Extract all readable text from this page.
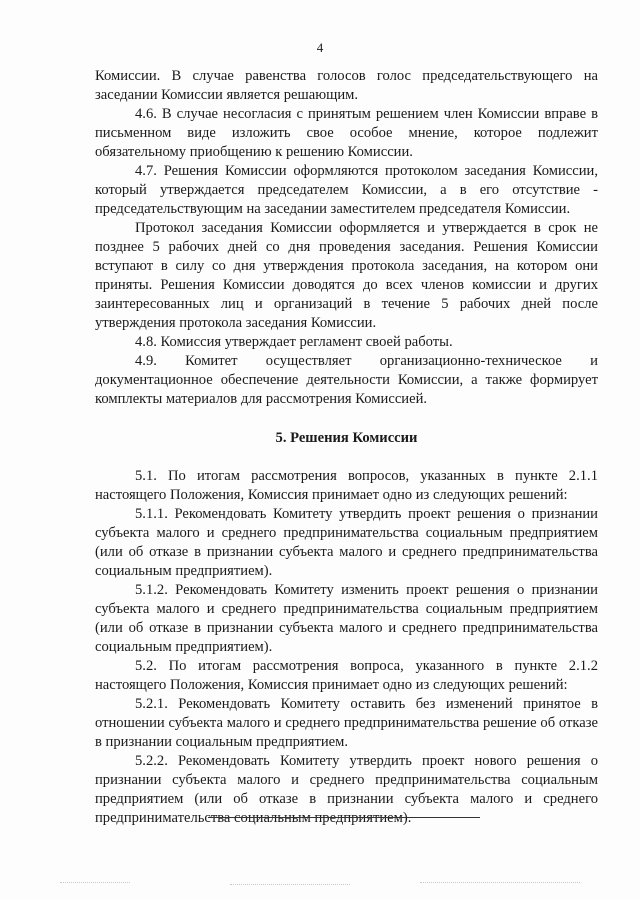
4

Комиссии. В случае равенства голосов голос председательствующего на заседании Комиссии является решающим.

4.6. В случае несогласия с принятым решением член Комиссии вправе в письменном виде изложить свое особое мнение, которое подлежит обязательному приобщению к решению Комиссии.

4.7. Решения Комиссии оформляются протоколом заседания Комиссии, который утверждается председателем Комиссии, а в его отсутствие - председательствующим на заседании заместителем председателя Комиссии.

Протокол заседания Комиссии оформляется и утверждается в срок не позднее 5 рабочих дней со дня проведения заседания. Решения Комиссии вступают в силу со дня утверждения протокола заседания, на котором они приняты. Решения Комиссии доводятся до всех членов комиссии и других заинтересованных лиц и организаций в течение 5 рабочих дней после утверждения протокола заседания Комиссии.

4.8. Комиссия утверждает регламент своей работы.

4.9. Комитет осуществляет организационно-техническое и документационное обеспечение деятельности Комиссии, а также формирует комплекты материалов для рассмотрения Комиссией.

5. Решения Комиссии

5.1. По итогам рассмотрения вопросов, указанных в пункте 2.1.1 настоящего Положения, Комиссия принимает одно из следующих решений:

5.1.1. Рекомендовать Комитету утвердить проект решения о признании субъекта малого и среднего предпринимательства социальным предприятием (или об отказе в признании субъекта малого и среднего предпринимательства социальным предприятием).

5.1.2. Рекомендовать Комитету изменить проект решения о признании субъекта малого и среднего предпринимательства социальным предприятием (или об отказе в признании субъекта малого и среднего предпринимательства социальным предприятием).

5.2. По итогам рассмотрения вопроса, указанного в пункте 2.1.2 настоящего Положения, Комиссия принимает одно из следующих решений:

5.2.1. Рекомендовать Комитету оставить без изменений принятое в отношении субъекта малого и среднего предпринимательства решение об отказе в признании социальным предприятием.

5.2.2. Рекомендовать Комитету утвердить проект нового решения о признании субъекта малого и среднего предпринимательства социальным предприятием (или об отказе в признании субъекта малого и среднего предпринимательства социальным предприятием).
